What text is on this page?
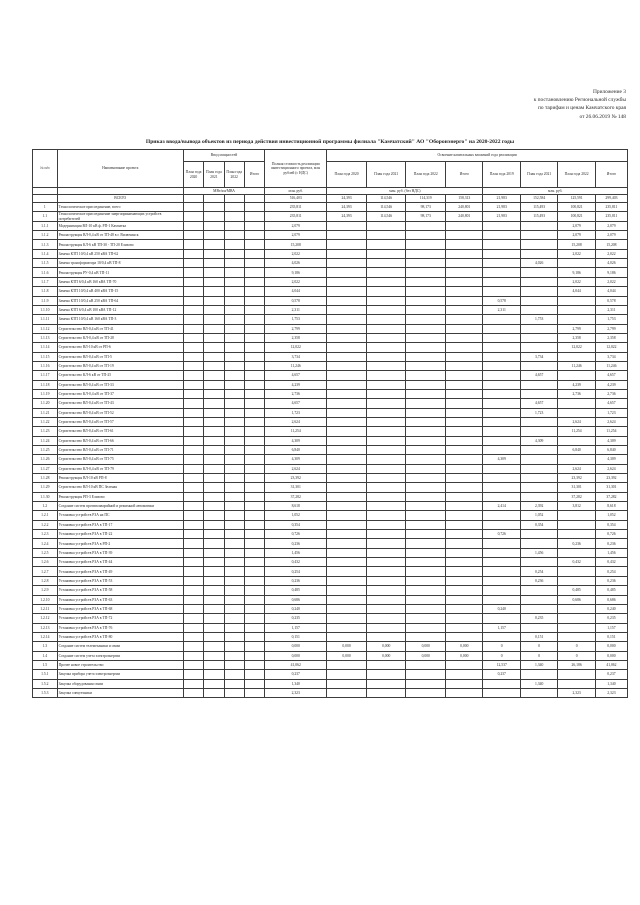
Приложение 3
к постановлению Региональной службы
по тарифам и ценам Камчатского края
от 26.06.2019 № 148
Приказ ввода/вывода объектов из периода действия инвестиционной программы филиала "Камчатский" АО "Оборонэнерго" на 2020-2022 годы
№ п/п	Наименование проекта	Ввод мощностей				Полная стоимость реализации инвестиционного проекта, млн рублей (с НДС)	Освоение капитальных вложений года реализации							
		План года 2020	План года 2021	План года 2022	Итого		План года 2020	План года 2021	План года 2022	Итого	План года 2019	План года 2021	План года 2022	Итого
		МВт/км/МВА				млн. руб.	млн. руб. (без НДС)				млн. руб.			
	ВСЕГО					516,403	24,393	114,546	114,319	158,313	21,983	152,584	125,591	299,403
1	Технологическое присоединение, всего					235,811	24,393	114,546	98,173	240,801	21,983	115,493	100,821	235,811
1.1	Технологическое присоединение энергопринимающих устройств потребителей					235,811	24,393	114,546	98,173	240,801	21,983	115,493	100,821	235,811
1.1.1	Модернизация ВЛ-10 кВ ф. РП-1 Камчатка					2,079							2,079	2,079
1.1.2	Реконструкция ВЛ-0,4 кВ от ТП-48 в г. Вилючинск					2,079							2,079	2,079
1.1.3	Реконструкция КЛ-6 кВ ТП-30 - ТП-20 Елизово					15,208							15,208	15,208
1.1.4	Замена КТП 10/0,4 кВ 250 кВА ТП-62					2,022							2,022	2,022
1.1.5	Замена трансформатора 10/0,4 кВ ТП-8					4,026						4,026		4,026
1.1.6	Реконструкция РУ-0,4 кВ ТП-11					9,186							9,186	9,186
1.1.7	Замена КТП 6/0,4 кВ 160 кВА ТП-70					2,022							2,022	2,022
1.1.8	Замена КТП 10/0,4 кВ 400 кВА ТП-15					4,044							4,044	4,044
1.1.9	Замена КТП 10/0,4 кВ 250 кВА ТП-64					0,578					0,578			0,578
1.1.10	Замена КТП 6/0,4 кВ 100 кВА ТП-12					2,311					2,311			2,311
1.1.11	Замена КТП 10/0,4 кВ 160 кВА ТП-3					1,753						1,753		1,753
1.1.12	Строительство ВЛ-0,4 кВ от ТП-41					2,799							2,799	2,799
1.1.13	Строительство КЛ-0,4 кВ от ТП-28					2,358							2,358	2,358
1.1.14	Строительство ВЛ-10 кВ от РП-6					12,022							12,022	12,022
1.1.15	Строительство ВЛ-0,4 кВ от ТП-5					3,734						3,734		3,734
1.1.16	Строительство ВЛ-0,4 кВ от ТП-19					11,246							11,246	11,246
1.1.17	Строительство КЛ-6 кВ от ТП-25					4,657						4,657		4,657
1.1.18	Строительство ВЛ-0,4 кВ от ТП-33					4,239							4,239	4,239
1.1.19	Строительство КЛ-0,4 кВ от ТП-37					2,736							2,736	2,736
1.1.20	Строительство ВЛ-0,4 кВ от ТП-43					4,657						4,657		4,657
1.1.21	Строительство ВЛ-0,4 кВ от ТП-52					1,723						1,723		1,723
1.1.22	Строительство ВЛ-0,4 кВ от ТП-57					2,624							2,624	2,624
1.1.23	Строительство ВЛ-0,4 кВ от ТП-61					11,254							11,254	11,254
1.1.24	Строительство ВЛ-0,4 кВ от ТП-66					4,309						4,309		4,309
1.1.25	Строительство ВЛ-0,4 кВ от ТП-71					6,840							6,840	6,840
1.1.26	Строительство ВЛ-0,4 кВ от ТП-75					4,309					4,309			4,309
1.1.27	Строительство КЛ-0,4 кВ от ТП-79					2,624							2,624	2,624
1.1.28	Реконструкция ВЛ-10 кВ РП-8					23,392							23,392	23,392
1.1.29	Строительство ВЛ-10 кВ ПС Зеленая					31,301							31,301	31,301
1.1.30	Реконструкция РП-3 Елизово					37,282							37,282	37,282
1.2	Создание систем противоаварийной и режимной автоматики					8,618					2,414	2,392	3,812	8,618
1.2.1	Установка устройств РЗА на ПС					1,052						1,052		1,052
1.2.2	Установка устройств РЗА в ТП-17					0,354						0,354		0,354
1.2.3	Установка устройств РЗА в ТП-22					0,726					0,726			0,726
1.2.4	Установка устройств РЗА в РП-2					0,236							0,236	0,236
1.2.5	Установка устройств РЗА в ТП-39					1,456						1,456		1,456
1.2.6	Установка устройств РЗА в ТП-44					0,432							0,432	0,432
1.2.7	Установка устройств РЗА в ТП-49					0,254						0,254		0,254
1.2.8	Установка устройств РЗА в ТП-53					0,236						0,236		0,236
1.2.9	Установка устройств РЗА в ТП-58					0,485							0,485	0,485
1.2.10	Установка устройств РЗА в ТП-63					0,686							0,686	0,686
1.2.11	Установка устройств РЗА в ТП-68					0,240					0,240			0,240
1.2.12	Установка устройств РЗА в ТП-72					0,235						0,235		0,235
1.2.13	Установка устройств РЗА в ТП-76					1,157					1,157			1,157
1.2.14	Установка устройств РЗА в ТП-80					0,151						0,151		0,151
1.3	Создание систем телемеханики и связи					0,000	0,000	0,000	0,000	0,000	0	0	0	0,000
1.4	Создание систем учета электроэнергии					0,000	0,000	0,000	0,000	0,000	0	0	0	0,000
1.5	Прочее новое строительство					41,062					12,537	1,340	26,186	41,062
1.5.1	Закупка прибора учета электроэнергии					0,237					0,237			0,237
1.5.2	Закупка оборудования связи					1,340						1,340		1,340
1.5.3	Закупка спецтехники					2,323							2,323	2,323
